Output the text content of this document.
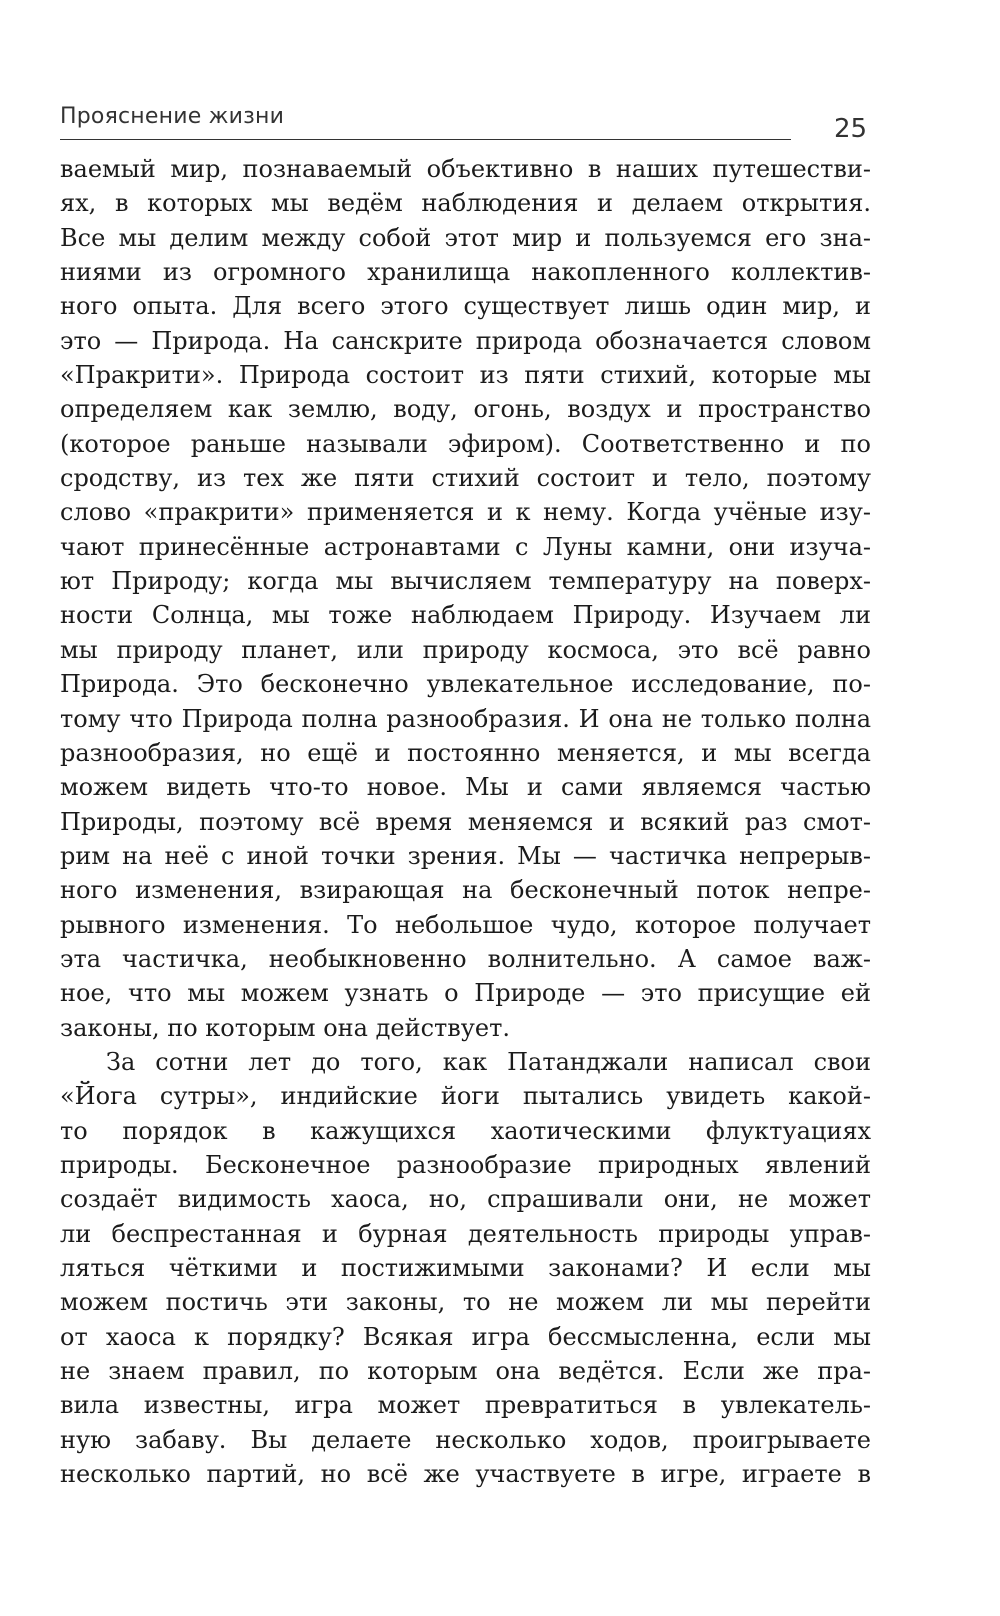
Прояснение жизни	25
ваемый мир, познаваемый объективно в наших путешестви-
ях, в которых мы ведём наблюдения и делаем открытия.
Все мы делим между собой этот мир и пользуемся его зна-
ниями из огромного хранилища накопленного коллектив-
ного опыта. Для всего этого существует лишь один мир, и
это — Природа. На санскрите природа обозначается словом
«Пракрити». Природа состоит из пяти стихий, которые мы
определяем как землю, воду, огонь, воздух и пространство
(которое раньше называли эфиром). Соответственно и по
сродству, из тех же пяти стихий состоит и тело, поэтому
слово «пракрити» применяется и к нему. Когда учёные изу-
чают принесённые астронавтами с Луны камни, они изуча-
ют Природу; когда мы вычисляем температуру на поверх-
ности Солнца, мы тоже наблюдаем Природу. Изучаем ли
мы природу планет, или природу космоса, это всё равно
Природа. Это бесконечно увлекательное исследование, по-
тому что Природа полна разнообразия. И она не только полна
разнообразия, но ещё и постоянно меняется, и мы всегда
можем видеть что-то новое. Мы и сами являемся частью
Природы, поэтому всё время меняемся и всякий раз смот-
рим на неё с иной точки зрения. Мы — частичка непрерыв-
ного изменения, взирающая на бесконечный поток непре-
рывного изменения. То небольшое чудо, которое получает
эта частичка, необыкновенно волнительно. А самое важ-
ное, что мы можем узнать о Природе — это присущие ей
законы, по которым она действует.
За сотни лет до того, как Патанджали написал свои
«Йога сутры», индийские йоги пытались увидеть какой-
то порядок в кажущихся хаотическими флуктуациях
природы. Бесконечное разнообразие природных явлений
создаёт видимость хаоса, но, спрашивали они, не может
ли беспрестанная и бурная деятельность природы управ-
ляться чёткими и постижимыми законами? И если мы
можем постичь эти законы, то не можем ли мы перейти
от хаоса к порядку? Всякая игра бессмысленна, если мы
не знаем правил, по которым она ведётся. Если же пра-
вила известны, игра может превратиться в увлекатель-
ную забаву. Вы делаете несколько ходов, проигрываете
несколько партий, но всё же участвуете в игре, играете в
